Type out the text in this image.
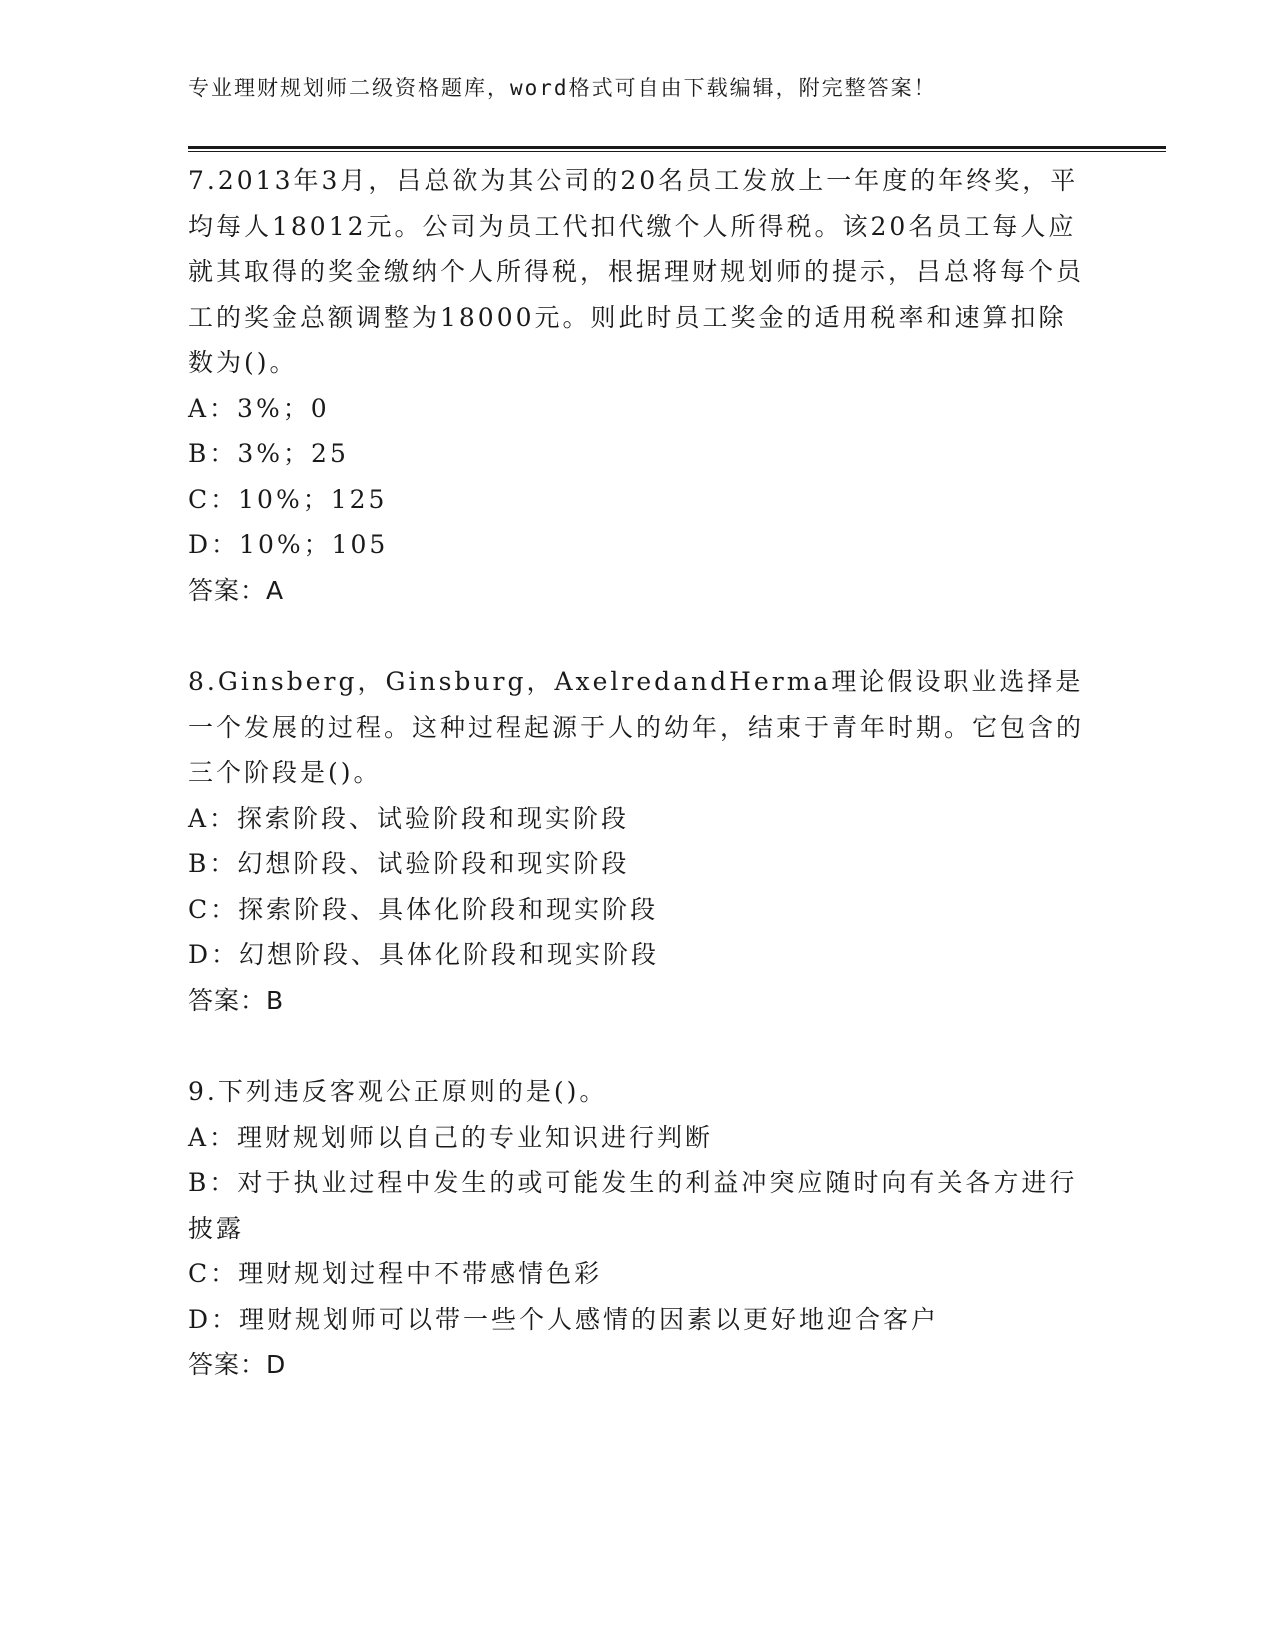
专业理财规划师二级资格题库，word格式可自由下载编辑，附完整答案！
7.2013年3月，吕总欲为其公司的20名员工发放上一年度的年终奖，平均每人18012元。公司为员工代扣代缴个人所得税。该20名员工每人应就其取得的奖金缴纳个人所得税，根据理财规划师的提示，吕总将每个员工的奖金总额调整为18000元。则此时员工奖金的适用税率和速算扣除数为()。
A：3%；0
B：3%；25
C：10%；125
D：10%；105
答案：A
8.Ginsberg，Ginsburg，AxelredandHerma理论假设职业选择是一个发展的过程。这种过程起源于人的幼年，结束于青年时期。它包含的三个阶段是()。
A：探索阶段、试验阶段和现实阶段
B：幻想阶段、试验阶段和现实阶段
C：探索阶段、具体化阶段和现实阶段
D：幻想阶段、具体化阶段和现实阶段
答案：B
9.下列违反客观公正原则的是()。
A：理财规划师以自己的专业知识进行判断
B：对于执业过程中发生的或可能发生的利益冲突应随时向有关各方进行披露
C：理财规划过程中不带感情色彩
D：理财规划师可以带一些个人感情的因素以更好地迎合客户
答案：D
